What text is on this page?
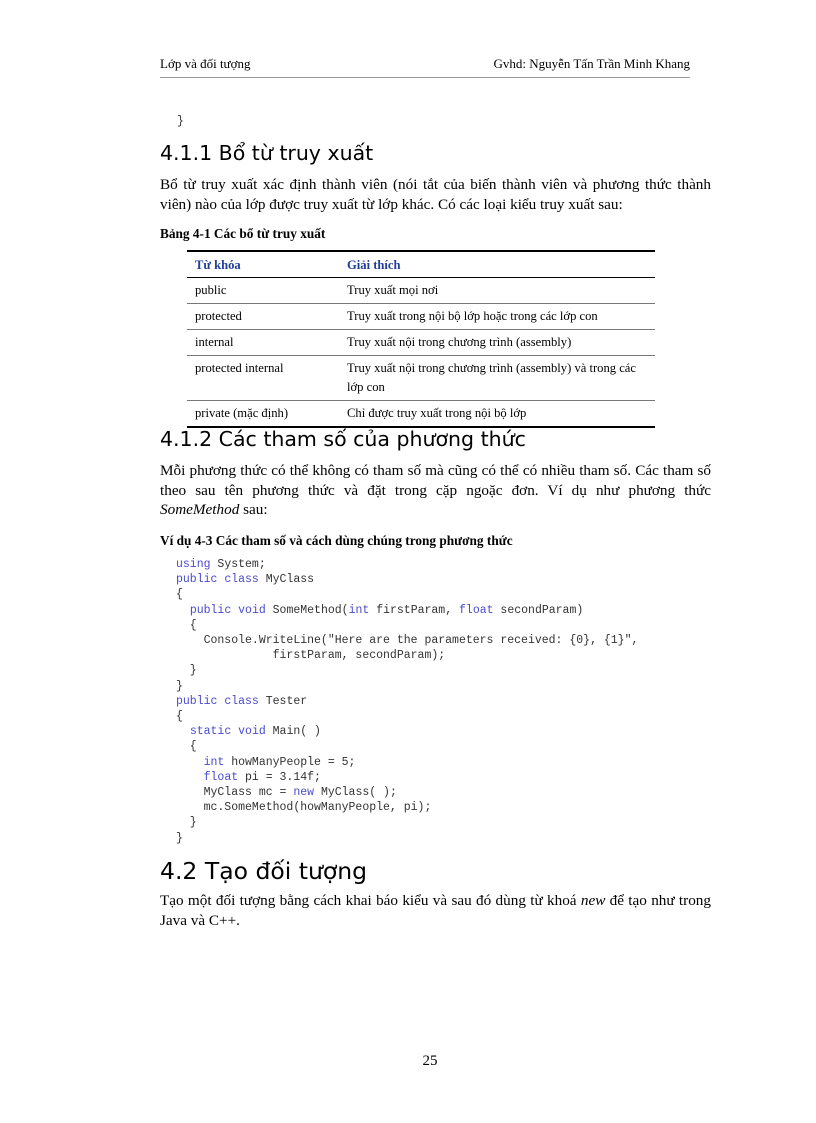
Lớp và đối tượng	Gvhd: Nguyễn Tấn Trần Minh Khang
}
4.1.1 Bổ từ truy xuất
Bổ từ truy xuất xác định thành viên (nói tắt của biến thành viên và phương thức thành viên) nào của lớp được truy xuất từ lớp khác. Có các loại kiểu truy xuất sau:
Bảng 4-1 Các bổ từ truy xuất
Từ khóa	Giải thích
public	Truy xuất mọi nơi
protected	Truy xuất trong nội bộ lớp hoặc trong các lớp con
internal	Truy xuất nội trong chương trình (assembly)
protected internal	Truy xuất nội trong chương trình (assembly) và trong các lớp con
private (mặc định)	Chỉ được truy xuất trong nội bộ lớp
4.1.2 Các tham số của phương thức
Mỗi phương thức có thể không có tham số mà cũng có thể có nhiều tham số. Các tham số theo sau tên phương thức và đặt trong cặp ngoặc đơn. Ví dụ như phương thức SomeMethod sau:
Ví dụ 4-3 Các tham số và cách dùng chúng trong phương thức
using System;
public class MyClass
{
public void SomeMethod(int firstParam, float secondParam)
{
Console.WriteLine("Here are the parameters received: {0}, {1}",
firstParam, secondParam);
}
}
public class Tester
{
static void Main( )
{
int howManyPeople = 5;
float pi = 3.14f;
MyClass mc = new MyClass( );
mc.SomeMethod(howManyPeople, pi);
}
}
4.2 Tạo đối tượng
Tạo một đối tượng bằng cách khai báo kiểu và sau đó dùng từ khoá new để tạo như trong Java và C++.
25
